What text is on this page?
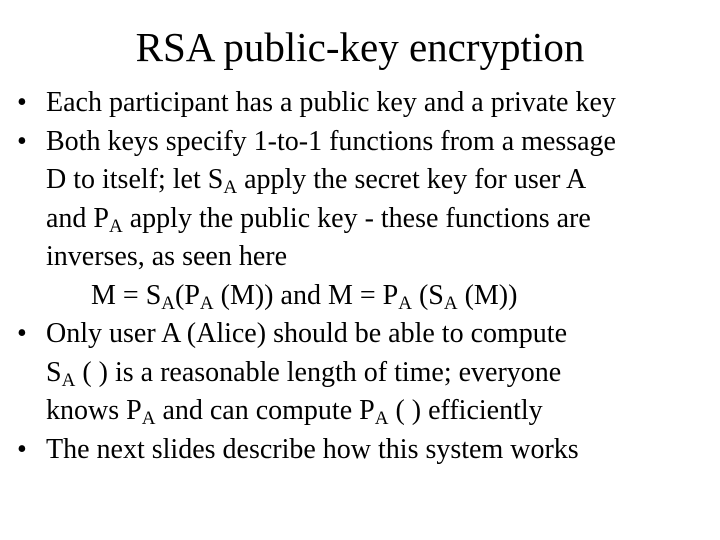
RSA public-key encryption
• Each participant has a public key and a private key
• Both keys specify 1-to-1 functions from a message
D to itself; let $S_A$ apply the secret key for user A
and $P_A$ apply the public key - these functions are
inverses, as seen here
$M = S_A(P_A$ (M)) and $M = P_A$ ($S_A$ (M))
• Only user A (Alice) should be able to compute
$S_A$ ( ) is a reasonable length of time; everyone
knows $P_A$ and can compute $P_A$ ( ) efficiently
• The next slides describe how this system works
